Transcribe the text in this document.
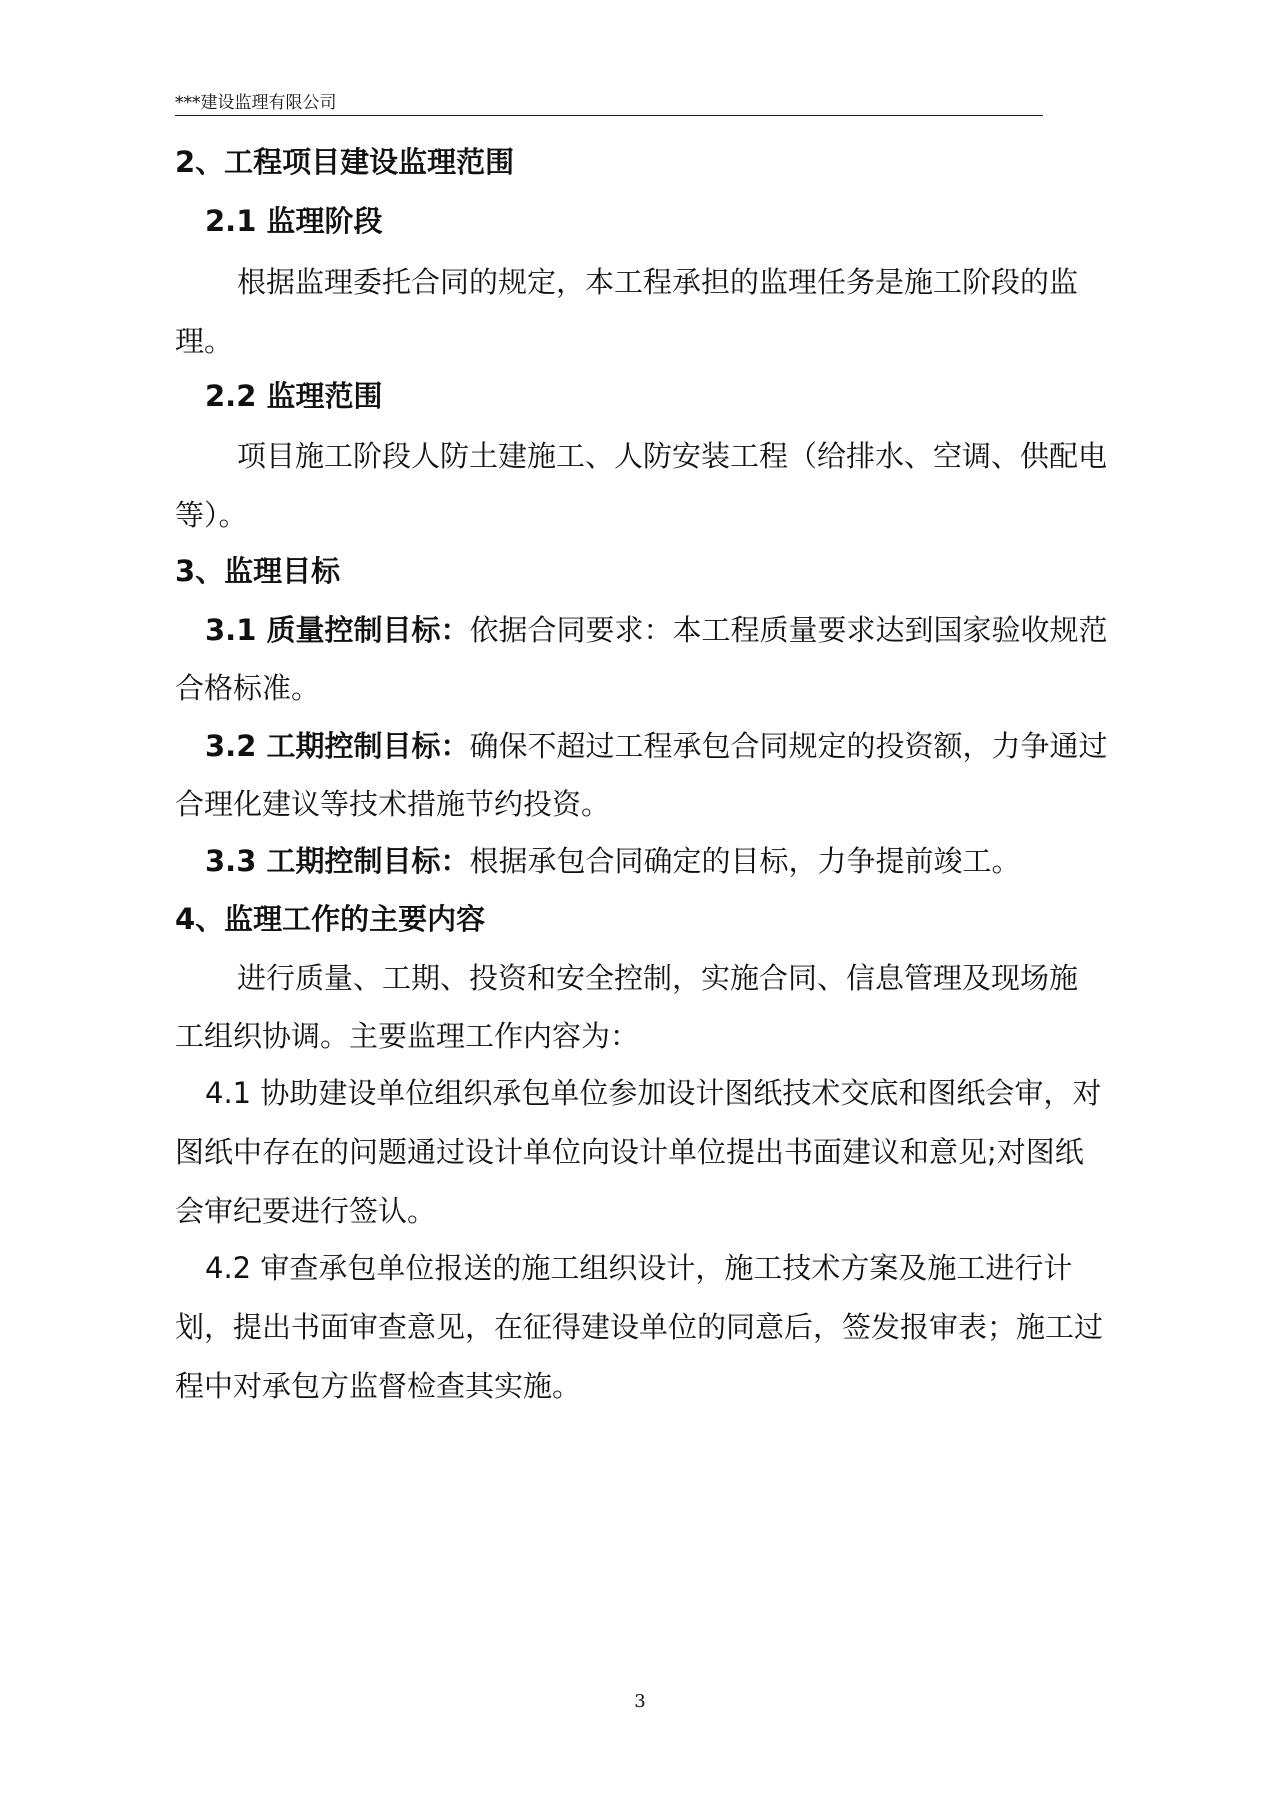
***建设监理有限公司
2、工程项目建设监理范围
2.1 监理阶段
根据监理委托合同的规定，本工程承担的监理任务是施工阶段的监
理。
2.2 监理范围
项目施工阶段人防土建施工、人防安装工程（给排水、空调、供配电
等）。
3、监理目标
3.1 质量控制目标：依据合同要求：本工程质量要求达到国家验收规范
合格标准。
3.2 工期控制目标：确保不超过工程承包合同规定的投资额，力争通过
合理化建议等技术措施节约投资。
3.3 工期控制目标：根据承包合同确定的目标，力争提前竣工。
4、监理工作的主要内容
进行质量、工期、投资和安全控制，实施合同、信息管理及现场施
工组织协调。主要监理工作内容为：
4.1 协助建设单位组织承包单位参加设计图纸技术交底和图纸会审，对
图纸中存在的问题通过设计单位向设计单位提出书面建议和意见;对图纸
会审纪要进行签认。
4.2 审查承包单位报送的施工组织设计，施工技术方案及施工进行计
划，提出书面审查意见，在征得建设单位的同意后，签发报审表；施工过
程中对承包方监督检查其实施。
3
